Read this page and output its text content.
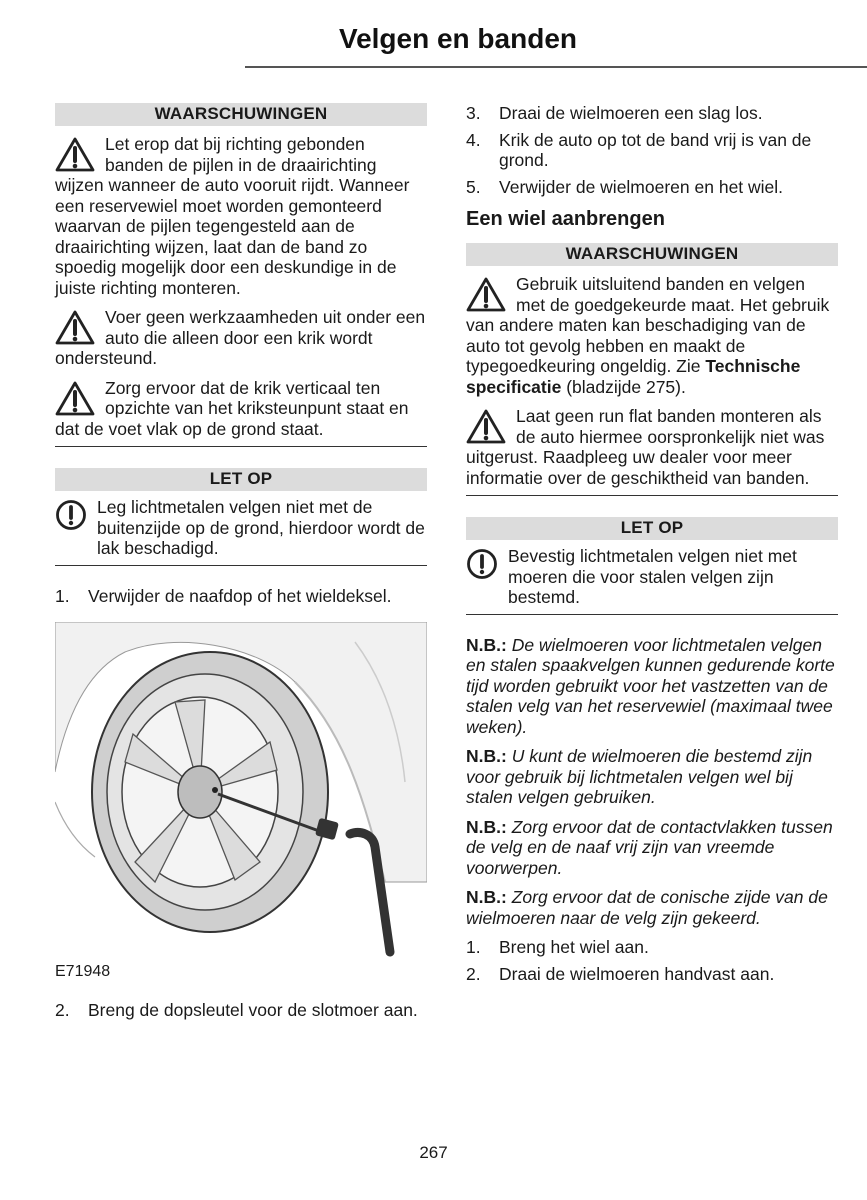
Velgen en banden
WAARSCHUWINGEN

Let erop dat bij richting gebonden banden de pijlen in de draairichting wijzen wanneer de auto vooruit rijdt. Wanneer een reservewiel moet worden gemonteerd waarvan de pijlen tegengesteld aan de draairichting wijzen, laat dan de band zo spoedig mogelijk door een deskundige in de juiste richting monteren.

Voer geen werkzaamheden uit onder een auto die alleen door een krik wordt ondersteund.

Zorg ervoor dat de krik verticaal ten opzichte van het kriksteunpunt staat en dat de voet vlak op de grond staat.

LET OP

Leg lichtmetalen velgen niet met de buitenzijde op de grond, hierdoor wordt de lak beschadigd.

1. Verwijder de naafdop of het wieldeksel.
E71948
2. Breng de dopsleutel voor de slotmoer aan.
3. Draai de wielmoeren een slag los.
4. Krik de auto op tot de band vrij is van de grond.
5. Verwijder de wielmoeren en het wiel.
Een wiel aanbrengen
WAARSCHUWINGEN

Gebruik uitsluitend banden en velgen met de goedgekeurde maat. Het gebruik van andere maten kan beschadiging van de auto tot gevolg hebben en maakt de typegoedkeuring ongeldig. Zie Technische specificatie (bladzijde 275).

Laat geen run flat banden monteren als de auto hiermee oorspronkelijk niet was uitgerust. Raadpleeg uw dealer voor meer informatie over de geschiktheid van banden.

LET OP

Bevestig lichtmetalen velgen niet met moeren die voor stalen velgen zijn bestemd.

N.B.: De wielmoeren voor lichtmetalen velgen en stalen spaakvelgen kunnen gedurende korte tijd worden gebruikt voor het vastzetten van de stalen velg van het reservewiel (maximaal twee weken).

N.B.: U kunt de wielmoeren die bestemd zijn voor gebruik bij lichtmetalen velgen wel bij stalen velgen gebruiken.

N.B.: Zorg ervoor dat de contactvlakken tussen de velg en de naaf vrij zijn van vreemde voorwerpen.

N.B.: Zorg ervoor dat de conische zijde van de wielmoeren naar de velg zijn gekeerd.

1. Breng het wiel aan.
2. Draai de wielmoeren handvast aan.
267
